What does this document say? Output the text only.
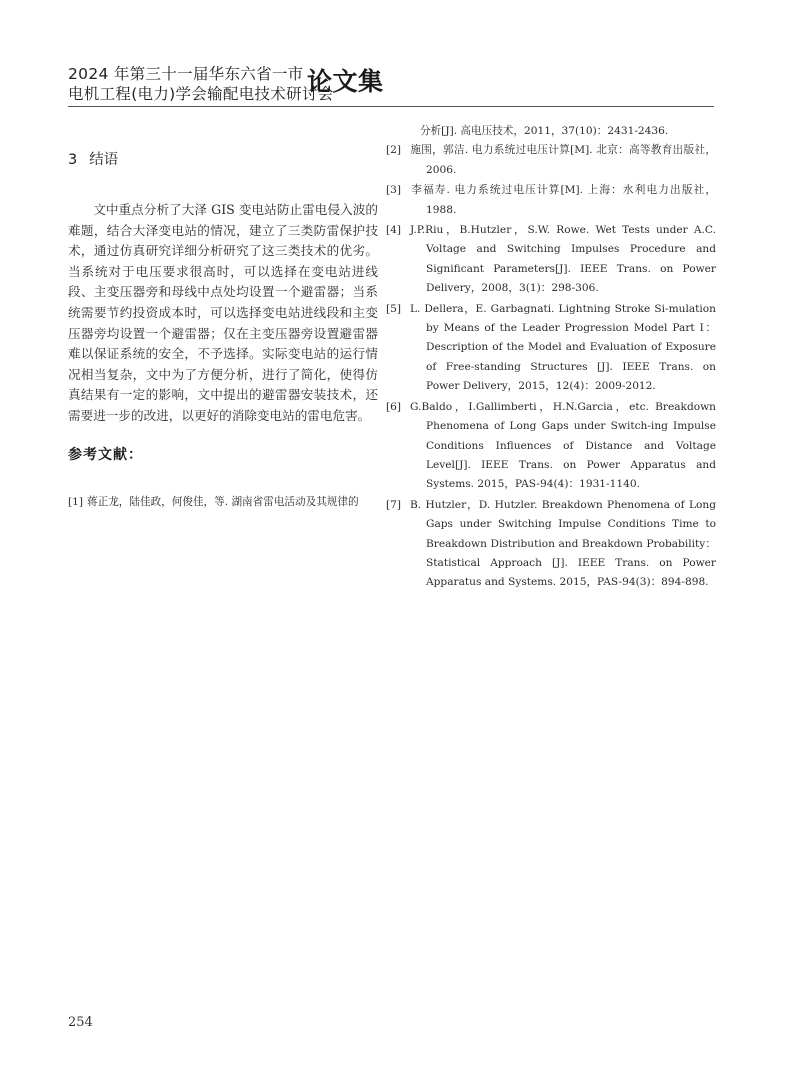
2024 年第三十一届华东六省一市
电机工程(电力)学会输配电技术研讨会
论文集
3 结语
文中重点分析了大泽 GIS 变电站防止雷电侵入波的难题，结合大泽变电站的情况，建立了三类防雷保护技术，通过仿真研究详细分析研究了这三类技术的优劣。当系统对于电压要求很高时，可以选择在变电站进线段、主变压器旁和母线中点处均设置一个避雷器；当系统需要节约投资成本时，可以选择变电站进线段和主变压器旁均设置一个避雷器；仅在主变压器旁设置避雷器难以保证系统的安全，不予选择。实际变电站的运行情况相当复杂，文中为了方便分析，进行了简化，使得仿真结果有一定的影响，文中提出的避雷器安装技术，还需要进一步的改进，以更好的消除变电站的雷电危害。
参考文献：
[1] 蒋正龙，陆佳政，何俊佳，等. 湖南省雷电活动及其规律的
分析[J]. 高电压技术，2011，37(10)：2431-2436.
[2] 施围，郭洁. 电力系统过电压计算[M]. 北京：高等教育出版社，2006.
[3] 李福寿. 电力系统过电压计算[M]. 上海：水利电力出版社，1988.
[4] J.P.Riu，B.Hutzler，S.W. Rowe. Wet Tests under A.C. Voltage and Switching Impulses Procedure and Significant Parameters[J]. IEEE Trans. on Power Delivery，2008，3(1)：298-306.
[5] L. Dellera，E. Garbagnati. Lightning Stroke Si-mulation by Means of the Leader Progression Model Part I：Description of the Model and Evaluation of Exposure of Free-standing Structures [J]. IEEE Trans. on Power Delivery，2015，12(4)：2009-2012.
[6] G.Baldo，I.Gallimberti，H.N.Garcia，etc. Breakdown Phenomena of Long Gaps under Switch-ing Impulse Conditions Influences of Distance and Voltage Level[J]. IEEE Trans. on Power Apparatus and Systems. 2015，PAS-94(4)：1931-1140.
[7] B. Hutzler，D. Hutzler. Breakdown Phenomena of Long Gaps under Switching Impulse Conditions Time to Breakdown Distribution and Breakdown Probability：Statistical Approach [J]. IEEE Trans. on Power Apparatus and Systems. 2015，PAS-94(3)：894-898.
254
